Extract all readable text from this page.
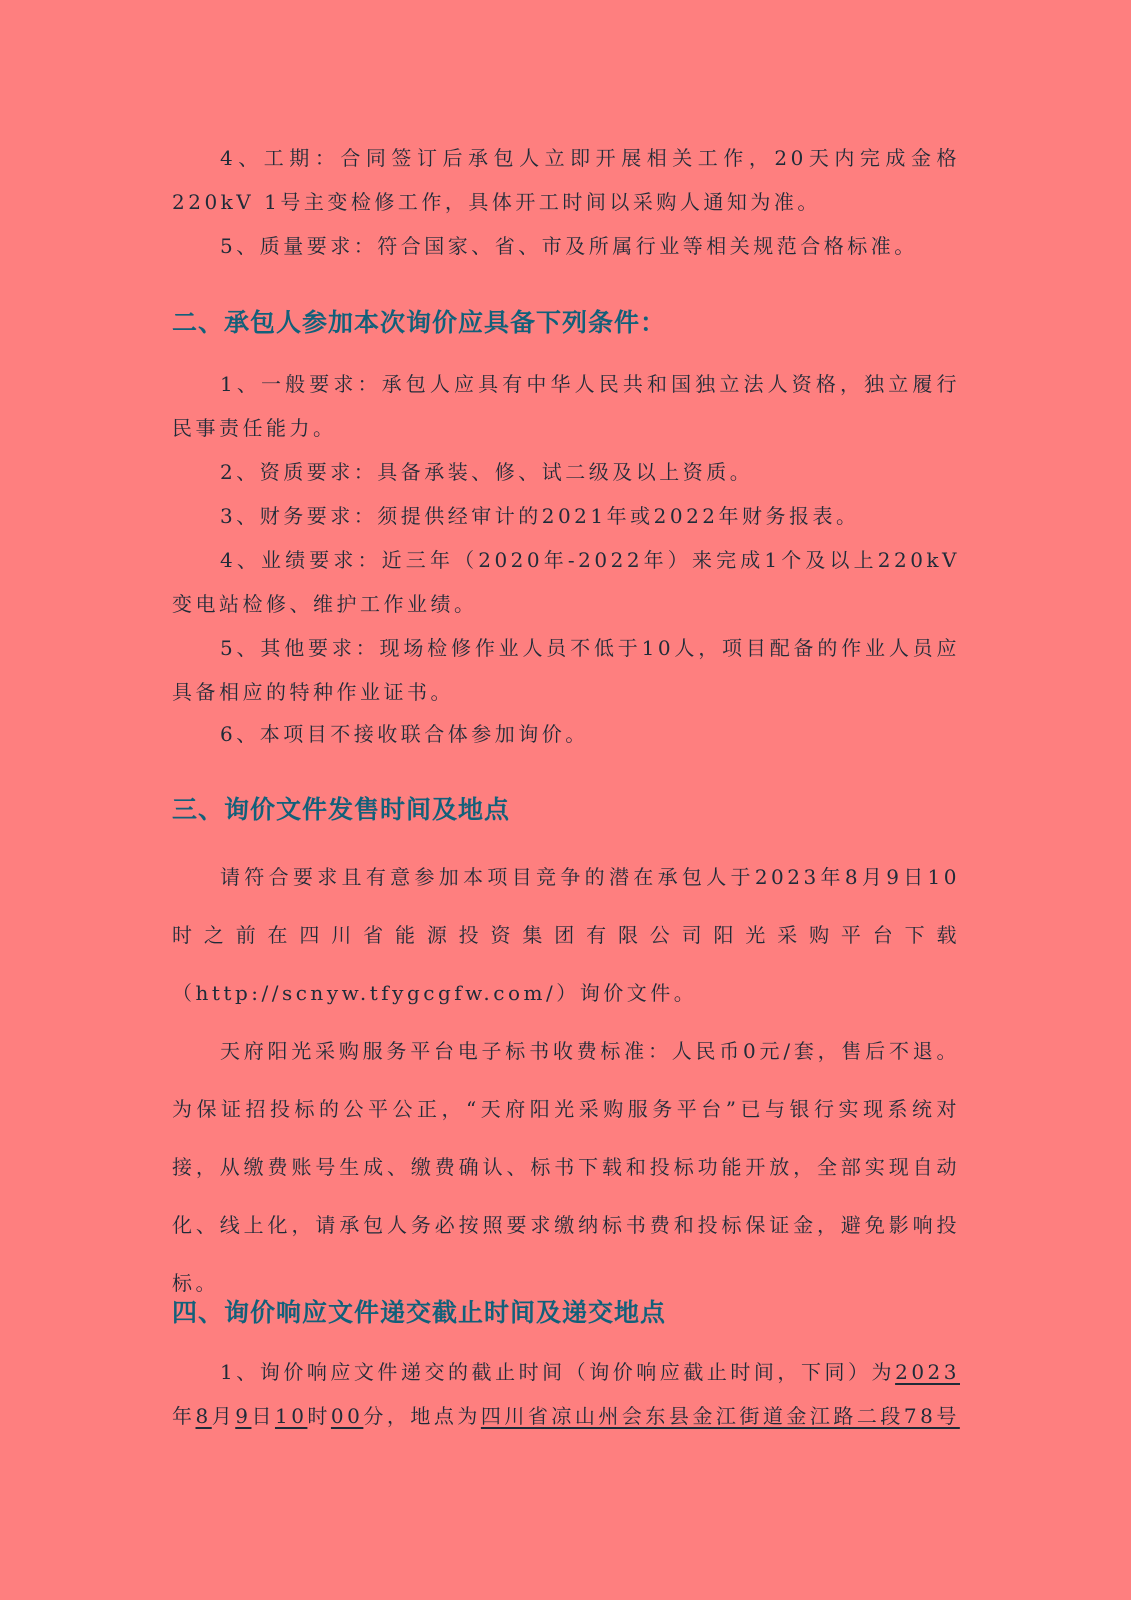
4、工期：合同签订后承包人立即开展相关工作，20天内完成金格220kV 1号主变检修工作，具体开工时间以采购人通知为准。

5、质量要求：符合国家、省、市及所属行业等相关规范合格标准。

二、承包人参加本次询价应具备下列条件：

1、一般要求：承包人应具有中华人民共和国独立法人资格，独立履行民事责任能力。

2、资质要求：具备承装、修、试二级及以上资质。

3、财务要求：须提供经审计的2021年或2022年财务报表。

4、业绩要求：近三年（2020年-2022年）来完成1个及以上220kV变电站检修、维护工作业绩。

5、其他要求：现场检修作业人员不低于10人，项目配备的作业人员应具备相应的特种作业证书。

6、本项目不接收联合体参加询价。

三、询价文件发售时间及地点

请符合要求且有意参加本项目竞争的潜在承包人于2023年8月9日10时之前在四川省能源投资集团有限公司阳光采购平台下载（http://scnyw.tfygcgfw.com/）询价文件。

天府阳光采购服务平台电子标书收费标准：人民币0元/套，售后不退。为保证招投标的公平公正，“天府阳光采购服务平台”已与银行实现系统对接，从缴费账号生成、缴费确认、标书下载和投标功能开放，全部实现自动化、线上化，请承包人务必按照要求缴纳标书费和投标保证金，避免影响投标。

四、询价响应文件递交截止时间及递交地点

1、询价响应文件递交的截止时间（询价响应截止时间，下同）为2023年8月9日10时00分，地点为四川省凉山州会东县金江街道金江路二段78号
